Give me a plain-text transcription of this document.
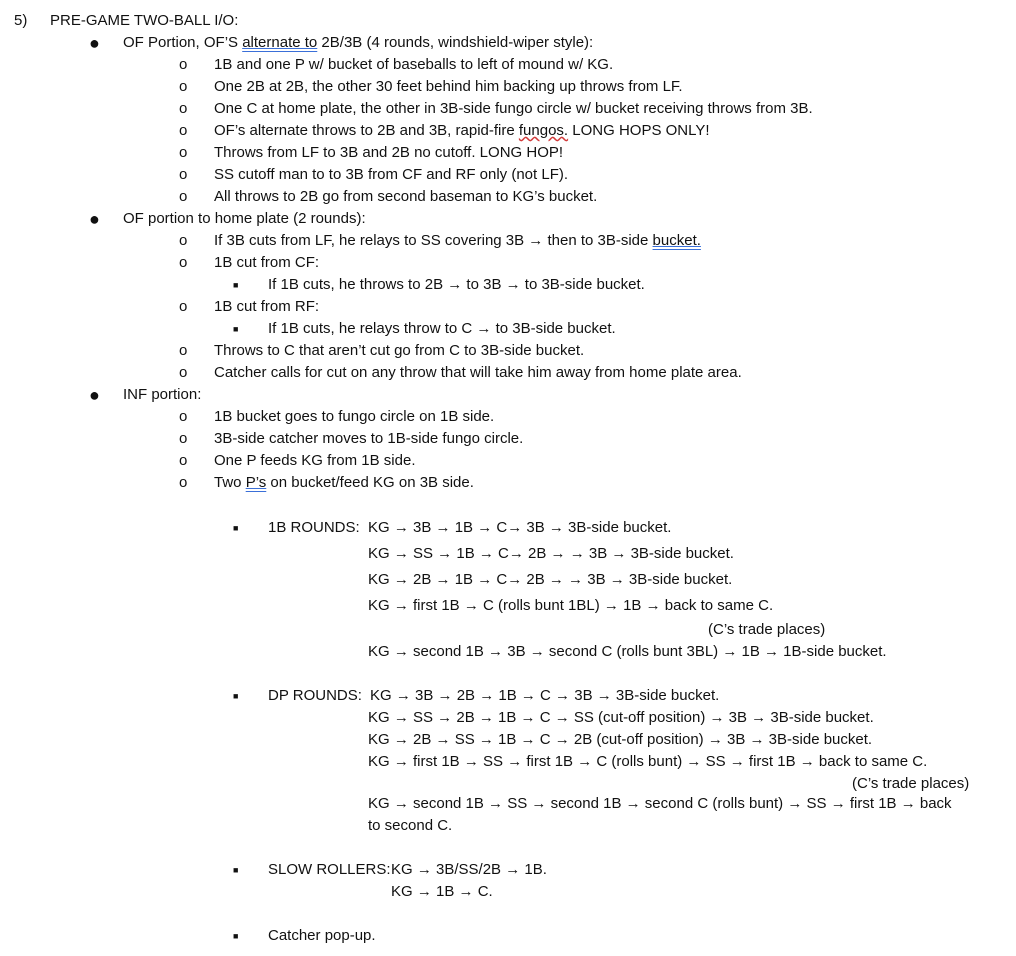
5) PRE-GAME TWO-BALL I/O:
● OF Portion, OF’S alternate to 2B/3B (4 rounds, windshield-wiper style):
o 1B and one P w/ bucket of baseballs to left of mound w/ KG.
o One 2B at 2B, the other 30 feet behind him backing up throws from LF.
o One C at home plate, the other in 3B-side fungo circle w/ bucket receiving throws from 3B.
o OF’s alternate throws to 2B and 3B, rapid-fire fungos. LONG HOPS ONLY!
o Throws from LF to 3B and 2B no cutoff. LONG HOP!
o SS cutoff man to to 3B from CF and RF only (not LF).
o All throws to 2B go from second baseman to KG’s bucket.
● OF portion to home plate (2 rounds):
o If 3B cuts from LF, he relays to SS covering 3B → then to 3B-side bucket.
o 1B cut from CF:
■ If 1B cuts, he throws to 2B → to 3B → to 3B-side bucket.
o 1B cut from RF:
■ If 1B cuts, he relays throw to C → to 3B-side bucket.
o Throws to C that aren’t cut go from C to 3B-side bucket.
o Catcher calls for cut on any throw that will take him away from home plate area.
● INF portion:
o 1B bucket goes to fungo circle on 1B side.
o 3B-side catcher moves to 1B-side fungo circle.
o One P feeds KG from 1B side.
o Two P’s on bucket/feed KG on 3B side.
■ 1B ROUNDS: KG → 3B → 1B → C→ 3B → 3B-side bucket.
KG → SS → 1B → C→ 2B → → 3B → 3B-side bucket.
KG → 2B → 1B → C→ 2B → → 3B → 3B-side bucket.
KG → first 1B → C (rolls bunt 1BL) → 1B → back to same C.
(C’s trade places)
KG → second 1B → 3B → second C (rolls bunt 3BL) → 1B → 1B-side bucket.
■ DP ROUNDS: KG → 3B → 2B → 1B → C → 3B → 3B-side bucket.
KG → SS → 2B → 1B → C → SS (cut-off position) → 3B → 3B-side bucket.
KG → 2B → SS → 1B → C → 2B (cut-off position) → 3B → 3B-side bucket.
KG → first 1B → SS → first 1B → C (rolls bunt) → SS → first 1B → back to same C.
(C’s trade places)
KG → second 1B → SS → second 1B → second C (rolls bunt) → SS → first 1B → back
to second C.
■ SLOW ROLLERS: KG → 3B/SS/2B → 1B.
KG → 1B → C.
■ Catcher pop-up.
